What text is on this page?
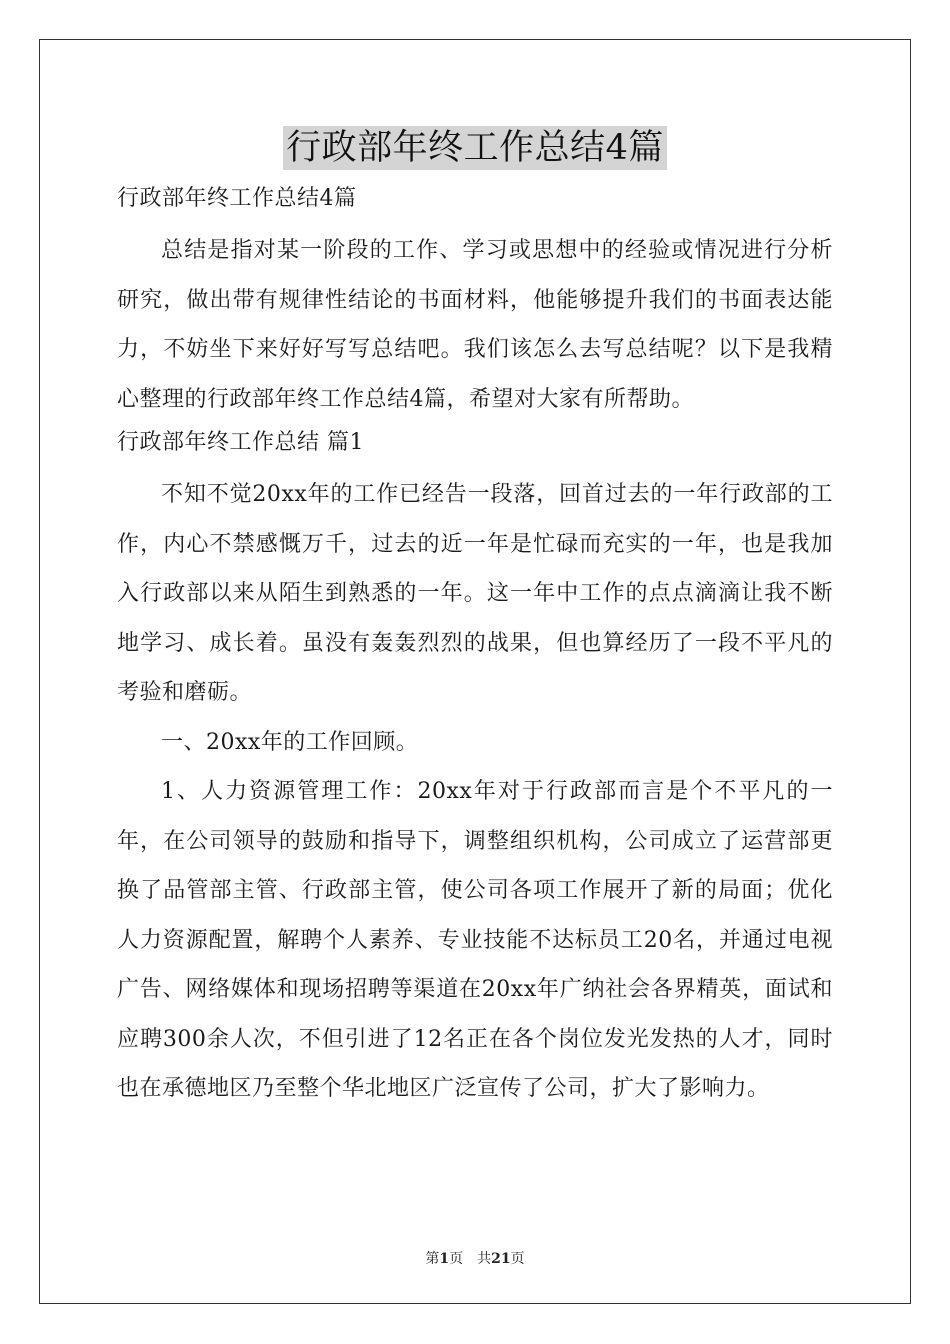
行政部年终工作总结4篇

行政部年终工作总结4篇

总结是指对某一阶段的工作、学习或思想中的经验或情况进行分析研究，做出带有规律性结论的书面材料，他能够提升我们的书面表达能力，不妨坐下来好好写写总结吧。我们该怎么去写总结呢？以下是我精心整理的行政部年终工作总结4篇，希望对大家有所帮助。

行政部年终工作总结 篇1

不知不觉20xx年的工作已经告一段落，回首过去的一年行政部的工作，内心不禁感慨万千，过去的近一年是忙碌而充实的一年，也是我加入行政部以来从陌生到熟悉的一年。这一年中工作的点点滴滴让我不断地学习、成长着。虽没有轰轰烈烈的战果，但也算经历了一段不平凡的考验和磨砺。

一、20xx年的工作回顾。

1、人力资源管理工作：20xx年对于行政部而言是个不平凡的一年，在公司领导的鼓励和指导下，调整组织机构，公司成立了运营部更换了品管部主管、行政部主管，使公司各项工作展开了新的局面；优化人力资源配置，解聘个人素养、专业技能不达标员工20名，并通过电视广告、网络媒体和现场招聘等渠道在20xx年广纳社会各界精英，面试和应聘300余人次，不但引进了12名正在各个岗位发光发热的人才，同时也在承德地区乃至整个华北地区广泛宣传了公司，扩大了影响力。

第1页　共21页
